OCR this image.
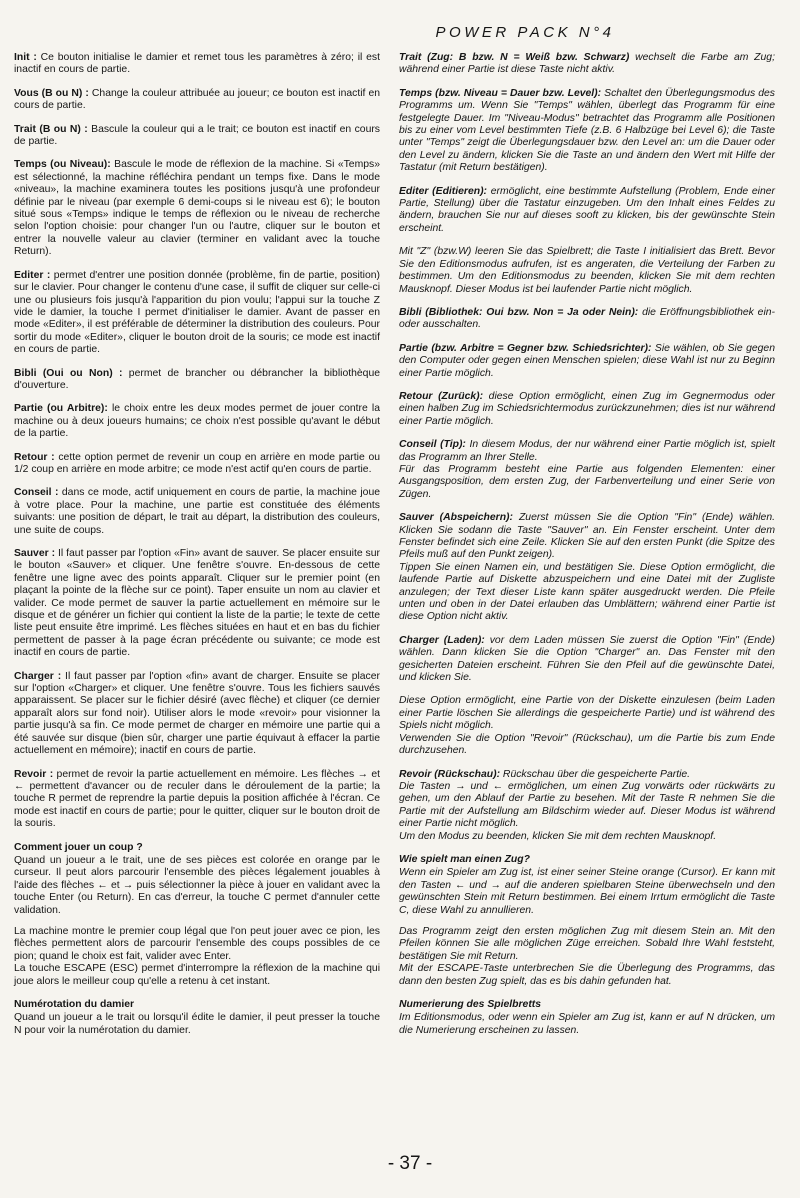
POWER PACK N°4
Init : Ce bouton initialise le damier et remet tous les paramètres à zéro; il est inactif en cours de partie.
Vous (B ou N) : Change la couleur attribuée au joueur; ce bouton est inactif en cours de partie.
Trait (B ou N) : Bascule la couleur qui a le trait; ce bouton est inactif en cours de partie.
Temps (ou Niveau): Bascule le mode de réflexion de la machine. Si «Temps» est sélectionné, la machine réfléchira pendant un temps fixe. Dans le mode «niveau», la machine examinera toutes les positions jusqu'à une profondeur définie par le niveau (par exemple 6 demi-coups si le niveau est 6); le bouton situé sous «Temps» indique le temps de réflexion ou le niveau de recherche selon l'option choisie: pour changer l'un ou l'autre, cliquer sur le bouton et entrer la nouvelle valeur au clavier (terminer en validant avec la touche Return).
Editer : permet d'entrer une position donnée (problème, fin de partie, position) sur le clavier. Pour changer le contenu d'une case, il suffit de cliquer sur celle-ci une ou plusieurs fois jusqu'à l'apparition du pion voulu; l'appui sur la touche Z vide le damier, la touche I permet d'initialiser le damier. Avant de passer en mode «Editer», il est préférable de déterminer la distribution des couleurs. Pour sortir du mode «Editer», cliquer le bouton droit de la souris; ce mode est inactif en cours de partie.
Bibli (Oui ou Non) : permet de brancher ou débrancher la bibliothèque d'ouverture.
Partie (ou Arbitre): le choix entre les deux modes permet de jouer contre la machine ou à deux joueurs humains; ce choix n'est possible qu'avant le début de la partie.
Retour : cette option permet de revenir un coup en arrière en mode partie ou 1/2 coup en arrière en mode arbitre; ce mode n'est actif qu'en cours de partie.
Conseil : dans ce mode, actif uniquement en cours de partie, la machine joue à votre place. Pour la machine, une partie est constituée des éléments suivants: une position de départ, le trait au départ, la distribution des couleurs, une suite de coups.
Sauver : Il faut passer par l'option «Fin» avant de sauver. Se placer ensuite sur le bouton «Sauver» et cliquer. Une fenêtre s'ouvre. En-dessous de cette fenêtre une ligne avec des points apparaît. Cliquer sur le premier point (en plaçant la pointe de la flèche sur ce point). Taper ensuite un nom au clavier et valider. Ce mode permet de sauver la partie actuellement en mémoire sur le disque et de générer un fichier qui contient la liste de la partie; le texte de cette liste peut ensuite être imprimé. Les flèches situées en haut et en bas du fichier permettent de passer à la page écran précédente ou suivante; ce mode est inactif en cours de partie.
Charger : Il faut passer par l'option «fin» avant de charger. Ensuite se placer sur l'option «Charger» et cliquer. Une fenêtre s'ouvre. Tous les fichiers sauvés apparaissent. Se placer sur le fichier désiré (avec flèche) et cliquer (ce dernier apparaît alors sur fond noir). Utiliser alors le mode «revoir» pour visionner la partie jusqu'à sa fin. Ce mode permet de charger en mémoire une partie qui a été sauvée sur disque (bien sûr, charger une partie équivaut à effacer la partie actuellement en mémoire); inactif en cours de partie.
Revoir : permet de revoir la partie actuellement en mémoire. Les flèches → et ← permettent d'avancer ou de reculer dans le déroulement de la partie; la touche R permet de reprendre la partie depuis la position affichée à l'écran. Ce mode est inactif en cours de partie; pour le quitter, cliquer sur le bouton droit de la souris.
Comment jouer un coup ?

Quand un joueur a le trait, une de ses pièces est colorée en orange par le curseur. Il peut alors parcourir l'ensemble des pièces légalement jouables à l'aide des flèches ← et → puis sélectionner la pièce à jouer en validant avec la touche Enter (ou Return). En cas d'erreur, la touche C permet d'annuler cette validation.

La machine montre le premier coup légal que l'on peut jouer avec ce pion, les flèches permettent alors de parcourir l'ensemble des coups possibles de ce pion; quand le choix est fait, valider avec Enter.

La touche ESCAPE (ESC) permet d'interrompre la réflexion de la machine qui joue alors le meilleur coup qu'elle a retenu à cet instant.

Numérotation du damier

Quand un joueur a le trait ou lorsqu'il édite le damier, il peut presser la touche N pour voir la numérotation du damier.

Trait (Zug: B bzw. N = Weiß bzw. Schwarz) wechselt die Farbe am Zug; während einer Partie ist diese Taste nicht aktiv.
Temps (bzw. Niveau = Dauer bzw. Level): Schaltet den Überlegungsmodus des Programms um. Wenn Sie "Temps" wählen, überlegt das Programm für eine festgelegte Dauer. Im "Niveau-Modus" betrachtet das Programm alle Positionen bis zu einer vom Level bestimmten Tiefe (z.B. 6 Halbzüge bei Level 6); die Taste unter "Temps" zeigt die Überlegungsdauer bzw. den Level an: um die Dauer oder den Level zu ändern, klicken Sie die Taste an und ändern den Wert mit Hilfe der Tastatur (mit Return bestätigen).

Editer (Editieren): ermöglicht, eine bestimmte Aufstellung (Problem, Ende einer Partie, Stellung) über die Tastatur einzugeben. Um den Inhalt eines Feldes zu ändern, brauchen Sie nur auf dieses sooft zu klicken, bis der gewünschte Stein erscheint.

Mit "Z" (bzw.W) leeren Sie das Spielbrett; die Taste I initialisiert das Brett. Bevor Sie den Editionsmodus aufrufen, ist es angeraten, die Verteilung der Farben zu bestimmen. Um den Editionsmodus zu beenden, klicken Sie mit dem rechten Mausknopf. Dieser Modus ist bei laufender Partie nicht möglich.

Bibli (Bibliothek: Oui bzw. Non = Ja oder Nein): die Eröffnungsbibliothek ein- oder ausschalten.
Partie (bzw. Arbitre = Gegner bzw. Schiedsrichter): Sie wählen, ob Sie gegen den Computer oder gegen einen Menschen spielen; diese Wahl ist nur zu Beginn einer Partie möglich.
Retour (Zurück): diese Option ermöglicht, einen Zug im Gegnermodus oder einen halben Zug im Schiedsrichtermodus zurückzunehmen; dies ist nur während einer Partie möglich.

Conseil (Tip): In diesem Modus, der nur während einer Partie möglich ist, spielt das Programm an Ihrer Stelle.

Für das Programm besteht eine Partie aus folgenden Elementen: einer Ausgangsposition, dem ersten Zug, der Farbenverteilung und einer Serie von Zügen.

Sauver (Abspeichern): Zuerst müssen Sie die Option "Fin" (Ende) wählen. Klicken Sie sodann die Taste "Sauver" an. Ein Fenster erscheint. Unter dem Fenster befindet sich eine Zeile. Klicken Sie auf den ersten Punkt (die Spitze des Pfeils muß auf den Punkt zeigen).

Tippen Sie einen Namen ein, und bestätigen Sie. Diese Option ermöglicht, die laufende Partie auf Diskette abzuspeichern und eine Datei mit der Zugliste anzulegen; der Text dieser Liste kann später ausgedruckt werden. Die Pfeile unten und oben in der Datei erlauben das Umblättern; während einer Partie ist diese Option nicht aktiv.

Charger (Laden): vor dem Laden müssen Sie zuerst die Option "Fin" (Ende) wählen. Dann klicken Sie die Option "Charger" an. Das Fenster mit den gesicherten Dateien erscheint. Führen Sie den Pfeil auf die gewünschte Datei, und klicken Sie.

Diese Option ermöglicht, eine Partie von der Diskette einzulesen (beim Laden einer Partie löschen Sie allerdings die gespeicherte Partie) und ist während des Spiels nicht möglich.

Verwenden Sie die Option "Revoir" (Rückschau), um die Partie bis zum Ende durchzusehen.

Revoir (Rückschau): Rückschau über die gespeicherte Partie.

Die Tasten → und ← ermöglichen, um einen Zug vorwärts oder rückwärts zu gehen, um den Ablauf der Partie zu besehen. Mit der Taste R nehmen Sie die Partie mit der Aufstellung am Bildschirm wieder auf. Dieser Modus ist während einer Partie nicht möglich.

Um den Modus zu beenden, klicken Sie mit dem rechten Mausknopf.

Wie spielt man einen Zug?

Wenn ein Spieler am Zug ist, ist einer seiner Steine orange (Cursor). Er kann mit den Tasten ← und → auf die anderen spielbaren Steine überwechseln und den gewünschten Stein mit Return bestimmen. Bei einem Irrtum ermöglicht die Taste C, diese Wahl zu annullieren.

Das Programm zeigt den ersten möglichen Zug mit diesem Stein an. Mit den Pfeilen können Sie alle möglichen Züge erreichen. Sobald Ihre Wahl feststeht, bestätigen Sie mit Return.

Mit der ESCAPE-Taste unterbrechen Sie die Überlegung des Programms, das dann den besten Zug spielt, das es bis dahin gefunden hat.

Numerierung des Spielbretts

Im Editionsmodus, oder wenn ein Spieler am Zug ist, kann er auf N drücken, um die Numerierung erscheinen zu lassen.

- 37 -
